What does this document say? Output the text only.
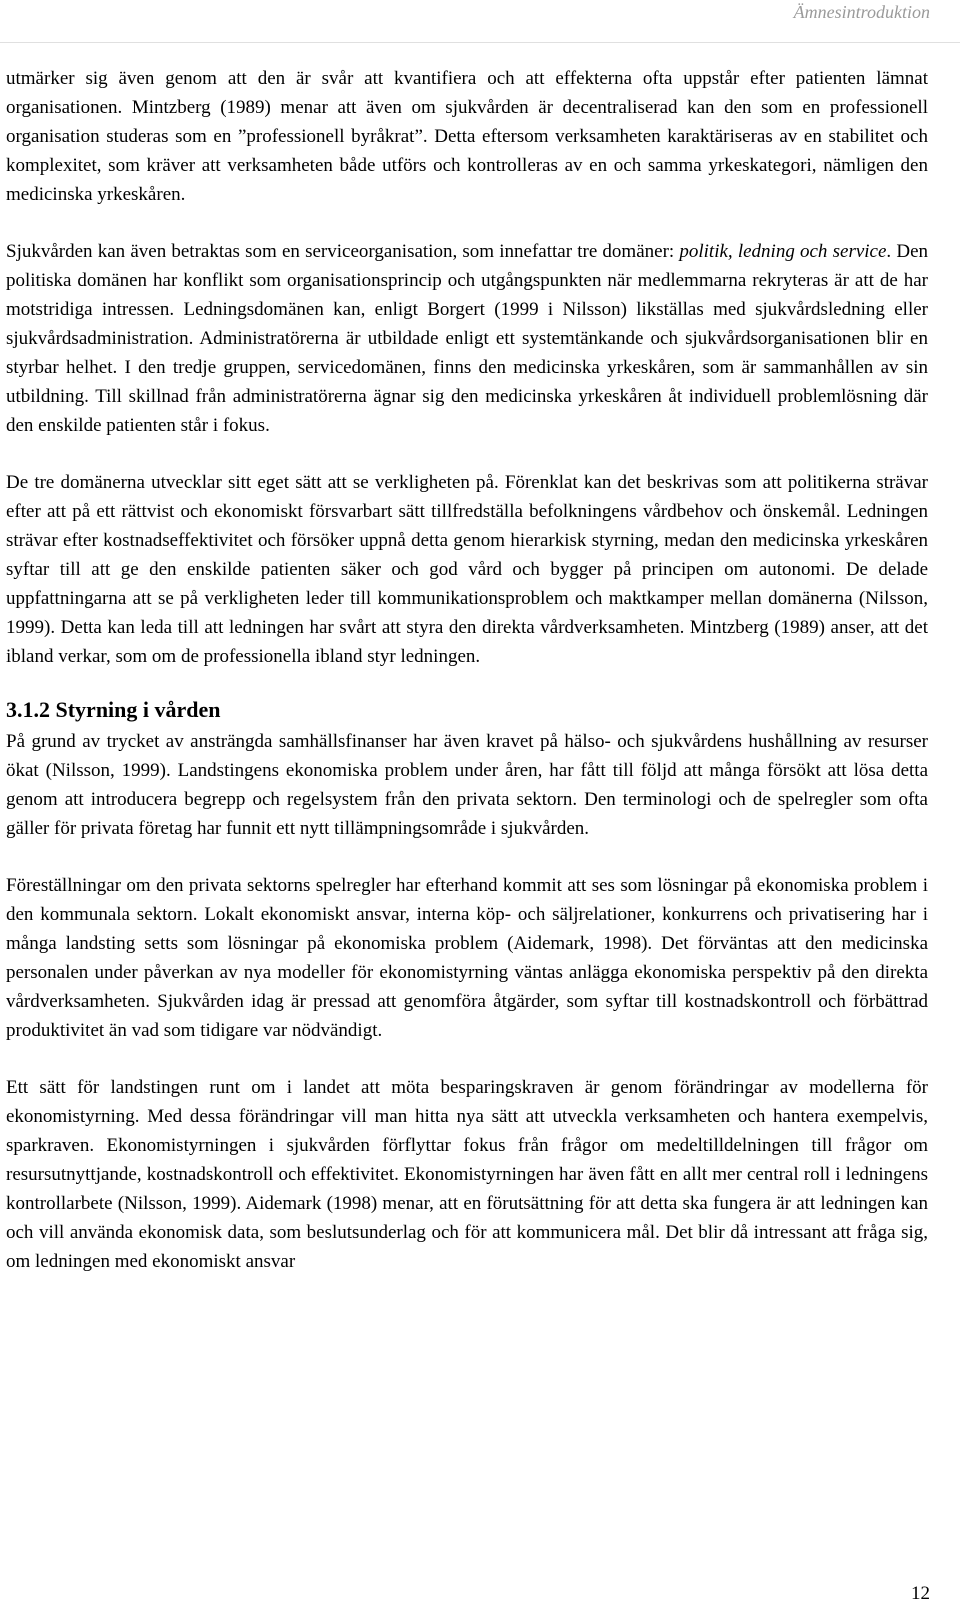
Ämnesintroduktion

utmärker sig även genom att den är svår att kvantifiera och att effekterna ofta uppstår efter patienten lämnat organisationen. Mintzberg (1989) menar att även om sjukvården är decentraliserad kan den som en professionell organisation studeras som en ”professionell byråkrat”. Detta eftersom verksamheten karaktäriseras av en stabilitet och komplexitet, som kräver att verksamheten både utförs och kontrolleras av en och samma yrkeskategori, nämligen den medicinska yrkeskåren.

Sjukvården kan även betraktas som en serviceorganisation, som innefattar tre domäner: politik, ledning och service. Den politiska domänen har konflikt som organisationsprincip och utgångspunkten när medlemmarna rekryteras är att de har motstridiga intressen. Ledningsdomänen kan, enligt Borgert (1999 i Nilsson) likställas med sjukvårdsledning eller sjukvårdsadministration. Administratörerna är utbildade enligt ett systemtänkande och sjukvårdsorganisationen blir en styrbar helhet. I den tredje gruppen, servicedomänen, finns den medicinska yrkeskåren, som är sammanhållen av sin utbildning. Till skillnad från administratörerna ägnar sig den medicinska yrkeskåren åt individuell problemlösning där den enskilde patienten står i fokus.

De tre domänerna utvecklar sitt eget sätt att se verkligheten på. Förenklat kan det beskrivas som att politikerna strävar efter att på ett rättvist och ekonomiskt försvarbart sätt tillfredställa befolkningens vårdbehov och önskemål. Ledningen strävar efter kostnadseffektivitet och försöker uppnå detta genom hierarkisk styrning, medan den medicinska yrkeskåren syftar till att ge den enskilde patienten säker och god vård och bygger på principen om autonomi. De delade uppfattningarna att se på verkligheten leder till kommunikationsproblem och maktkamper mellan domänerna (Nilsson, 1999). Detta kan leda till att ledningen har svårt att styra den direkta vårdverksamheten. Mintzberg (1989) anser, att det ibland verkar, som om de professionella ibland styr ledningen.

3.1.2 Styrning i vården

På grund av trycket av ansträngda samhällsfinanser har även kravet på hälso- och sjukvårdens hushållning av resurser ökat (Nilsson, 1999). Landstingens ekonomiska problem under åren, har fått till följd att många försökt att lösa detta genom att introducera begrepp och regelsystem från den privata sektorn. Den terminologi och de spelregler som ofta gäller för privata företag har funnit ett nytt tillämpningsområde i sjukvården.

Föreställningar om den privata sektorns spelregler har efterhand kommit att ses som lösningar på ekonomiska problem i den kommunala sektorn. Lokalt ekonomiskt ansvar, interna köp- och säljrelationer, konkurrens och privatisering har i många landsting setts som lösningar på ekonomiska problem (Aidemark, 1998). Det förväntas att den medicinska personalen under påverkan av nya modeller för ekonomistyrning väntas anlägga ekonomiska perspektiv på den direkta vårdverksamheten. Sjukvården idag är pressad att genomföra åtgärder, som syftar till kostnadskontroll och förbättrad produktivitet än vad som tidigare var nödvändigt.

Ett sätt för landstingen runt om i landet att möta besparingskraven är genom förändringar av modellerna för ekonomistyrning. Med dessa förändringar vill man hitta nya sätt att utveckla verksamheten och hantera exempelvis, sparkraven. Ekonomistyrningen i sjukvården förflyttar fokus från frågor om medeltilldelningen till frågor om resursutnyttjande, kostnadskontroll och effektivitet. Ekonomistyrningen har även fått en allt mer central roll i ledningens kontrollarbete (Nilsson, 1999). Aidemark (1998) menar, att en förutsättning för att detta ska fungera är att ledningen kan och vill använda ekonomisk data, som beslutsunderlag och för att kommunicera mål. Det blir då intressant att fråga sig, om ledningen med ekonomiskt ansvar

12
